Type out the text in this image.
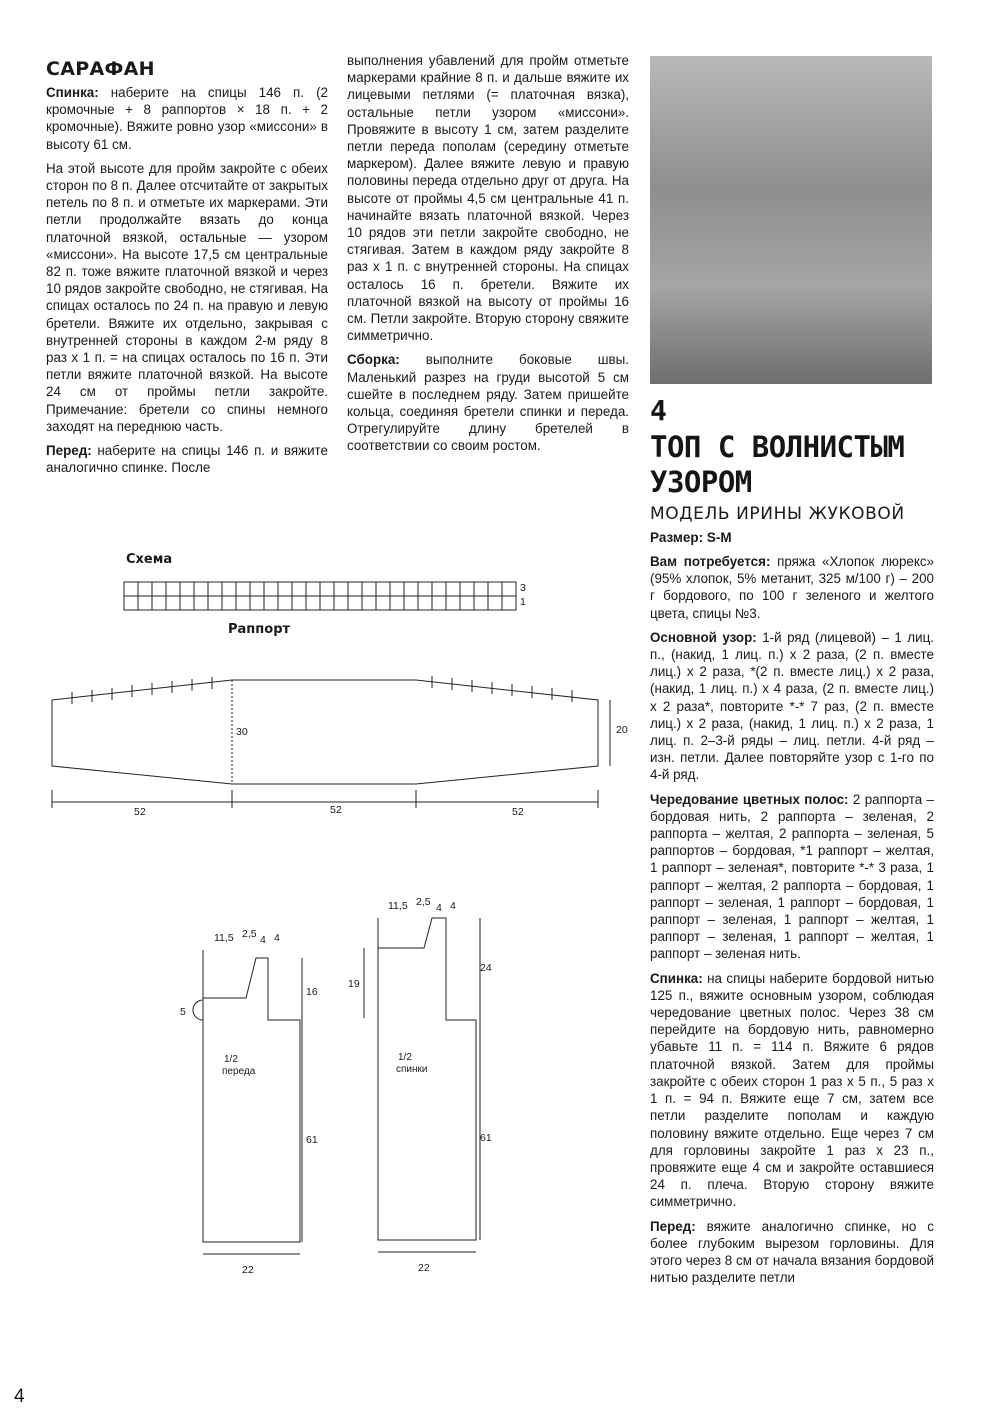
САРАФАН

Спинка: наберите на спицы 146 п. (2 кромочные + 8 раппортов × 18 п. + 2 кромочные). Вяжите ровно узор «миссони» в высоту 61 см.

На этой высоте для пройм закройте с обеих сторон по 8 п. Далее отсчитайте от закрытых петель по 8 п. и отметьте их маркерами. Эти петли продолжайте вязать до конца платочной вязкой, остальные — узором «миссони». На высоте 17,5 см центральные 82 п. тоже вяжите платочной вязкой и через 10 рядов закройте свободно, не стягивая. На спицах осталось по 24 п. на правую и левую бретели. Вяжите их отдельно, закрывая с внутренней стороны в каждом 2-м ряду 8 раз х 1 п. = на спицах осталось по 16 п. Эти петли вяжите платочной вязкой. На высоте 24 см от проймы петли закройте. Примечание: бретели со спины немного заходят на переднюю часть.

Перед: наберите на спицы 146 п. и вяжите аналогично спинке. После

выполнения убавлений для пройм отметьте маркерами крайние 8 п. и дальше вяжите их лицевыми петлями (= платочная вязка), остальные петли узором «миссони». Провяжите в высоту 1 см, затем разделите петли переда пополам (середину отметьте маркером). Далее вяжите левую и правую половины переда отдельно друг от друга. На высоте от проймы 4,5 см центральные 41 п. начинайте вязать платочной вязкой. Через 10 рядов эти петли закройте свободно, не стягивая. Затем в каждом ряду закройте 8 раз х 1 п. с внутренней стороны. На спицах осталось 16 п. бретели. Вяжите их платочной вязкой на высоту от проймы 16 см. Петли закройте. Вторую сторону свяжите симметрично.

Сборка: выполните боковые швы. Маленький разрез на груди высотой 5 см сшейте в последнем ряду. Затем пришейте кольца, соединяя бретели спинки и переда. Отрегулируйте длину бретелей в соответствии со своим ростом.

4
ТОП С ВОЛНИСТЫМ
УЗОРОМ
МОДЕЛЬ ИРИНЫ ЖУКОВОЙ
Размер: S-M

Вам потребуется: пряжа «Хлопок люрекс» (95% хлопок, 5% метанит, 325 м/100 г) – 200 г бордового, по 100 г зеленого и желтого цвета, спицы №3.

Основной узор: 1-й ряд (лицевой) – 1 лиц. п., (накид, 1 лиц. п.) х 2 раза, (2 п. вместе лиц.) х 2 раза, *(2 п. вместе лиц.) х 2 раза, (накид, 1 лиц. п.) х 4 раза, (2 п. вместе лиц.) х 2 раза*, повторите *-* 7 раз, (2 п. вместе лиц.) х 2 раза, (накид, 1 лиц. п.) х 2 раза, 1 лиц. п. 2–3-й ряды – лиц. петли. 4-й ряд – изн. петли. Далее повторяйте узор с 1-го по 4-й ряд.

Чередование цветных полос: 2 раппорта – бордовая нить, 2 раппорта – зеленая, 2 раппорта – желтая, 2 раппорта – зеленая, 5 раппортов – бордовая, *1 раппорт – желтая, 1 раппорт – зеленая*, повторите *-* 3 раза, 1 раппорт – желтая, 2 раппорта – бордовая, 1 раппорт – зеленая, 1 раппорт – бордовая, 1 раппорт – зеленая, 1 раппорт – желтая, 1 раппорт – зеленая, 1 раппорт – желтая, 1 раппорт – зеленая нить.

Спинка: на спицы наберите бордовой нитью 125 п., вяжите основным узором, соблюдая чередование цветных полос. Через 38 см перейдите на бордовую нить, равномерно убавьте 11 п. = 114 п. Вяжите 6 рядов платочной вязкой. Затем для проймы закройте с обеих сторон 1 раз х 5 п., 5 раз х 1 п. = 94 п. Вяжите еще 7 см, затем все петли разделите пополам и каждую половину вяжите отдельно. Еще через 7 см для горловины закройте 1 раз х 23 п., провяжите еще 4 см и закройте оставшиеся 24 п. плеча. Вторую сторону вяжите симметрично.

Перед: вяжите аналогично спинке, но с более глубоким вырезом горловины. Для этого через 8 см от начала вязания бордовой нитью разделите петли

Схема
Раппорт
3
1
30	20
52	52	52
11,5 2,5 4 4
16
5
61
22
1/2
переда
11,5 2,5 4 4
24
19
61
22
1/2
спинки
4
